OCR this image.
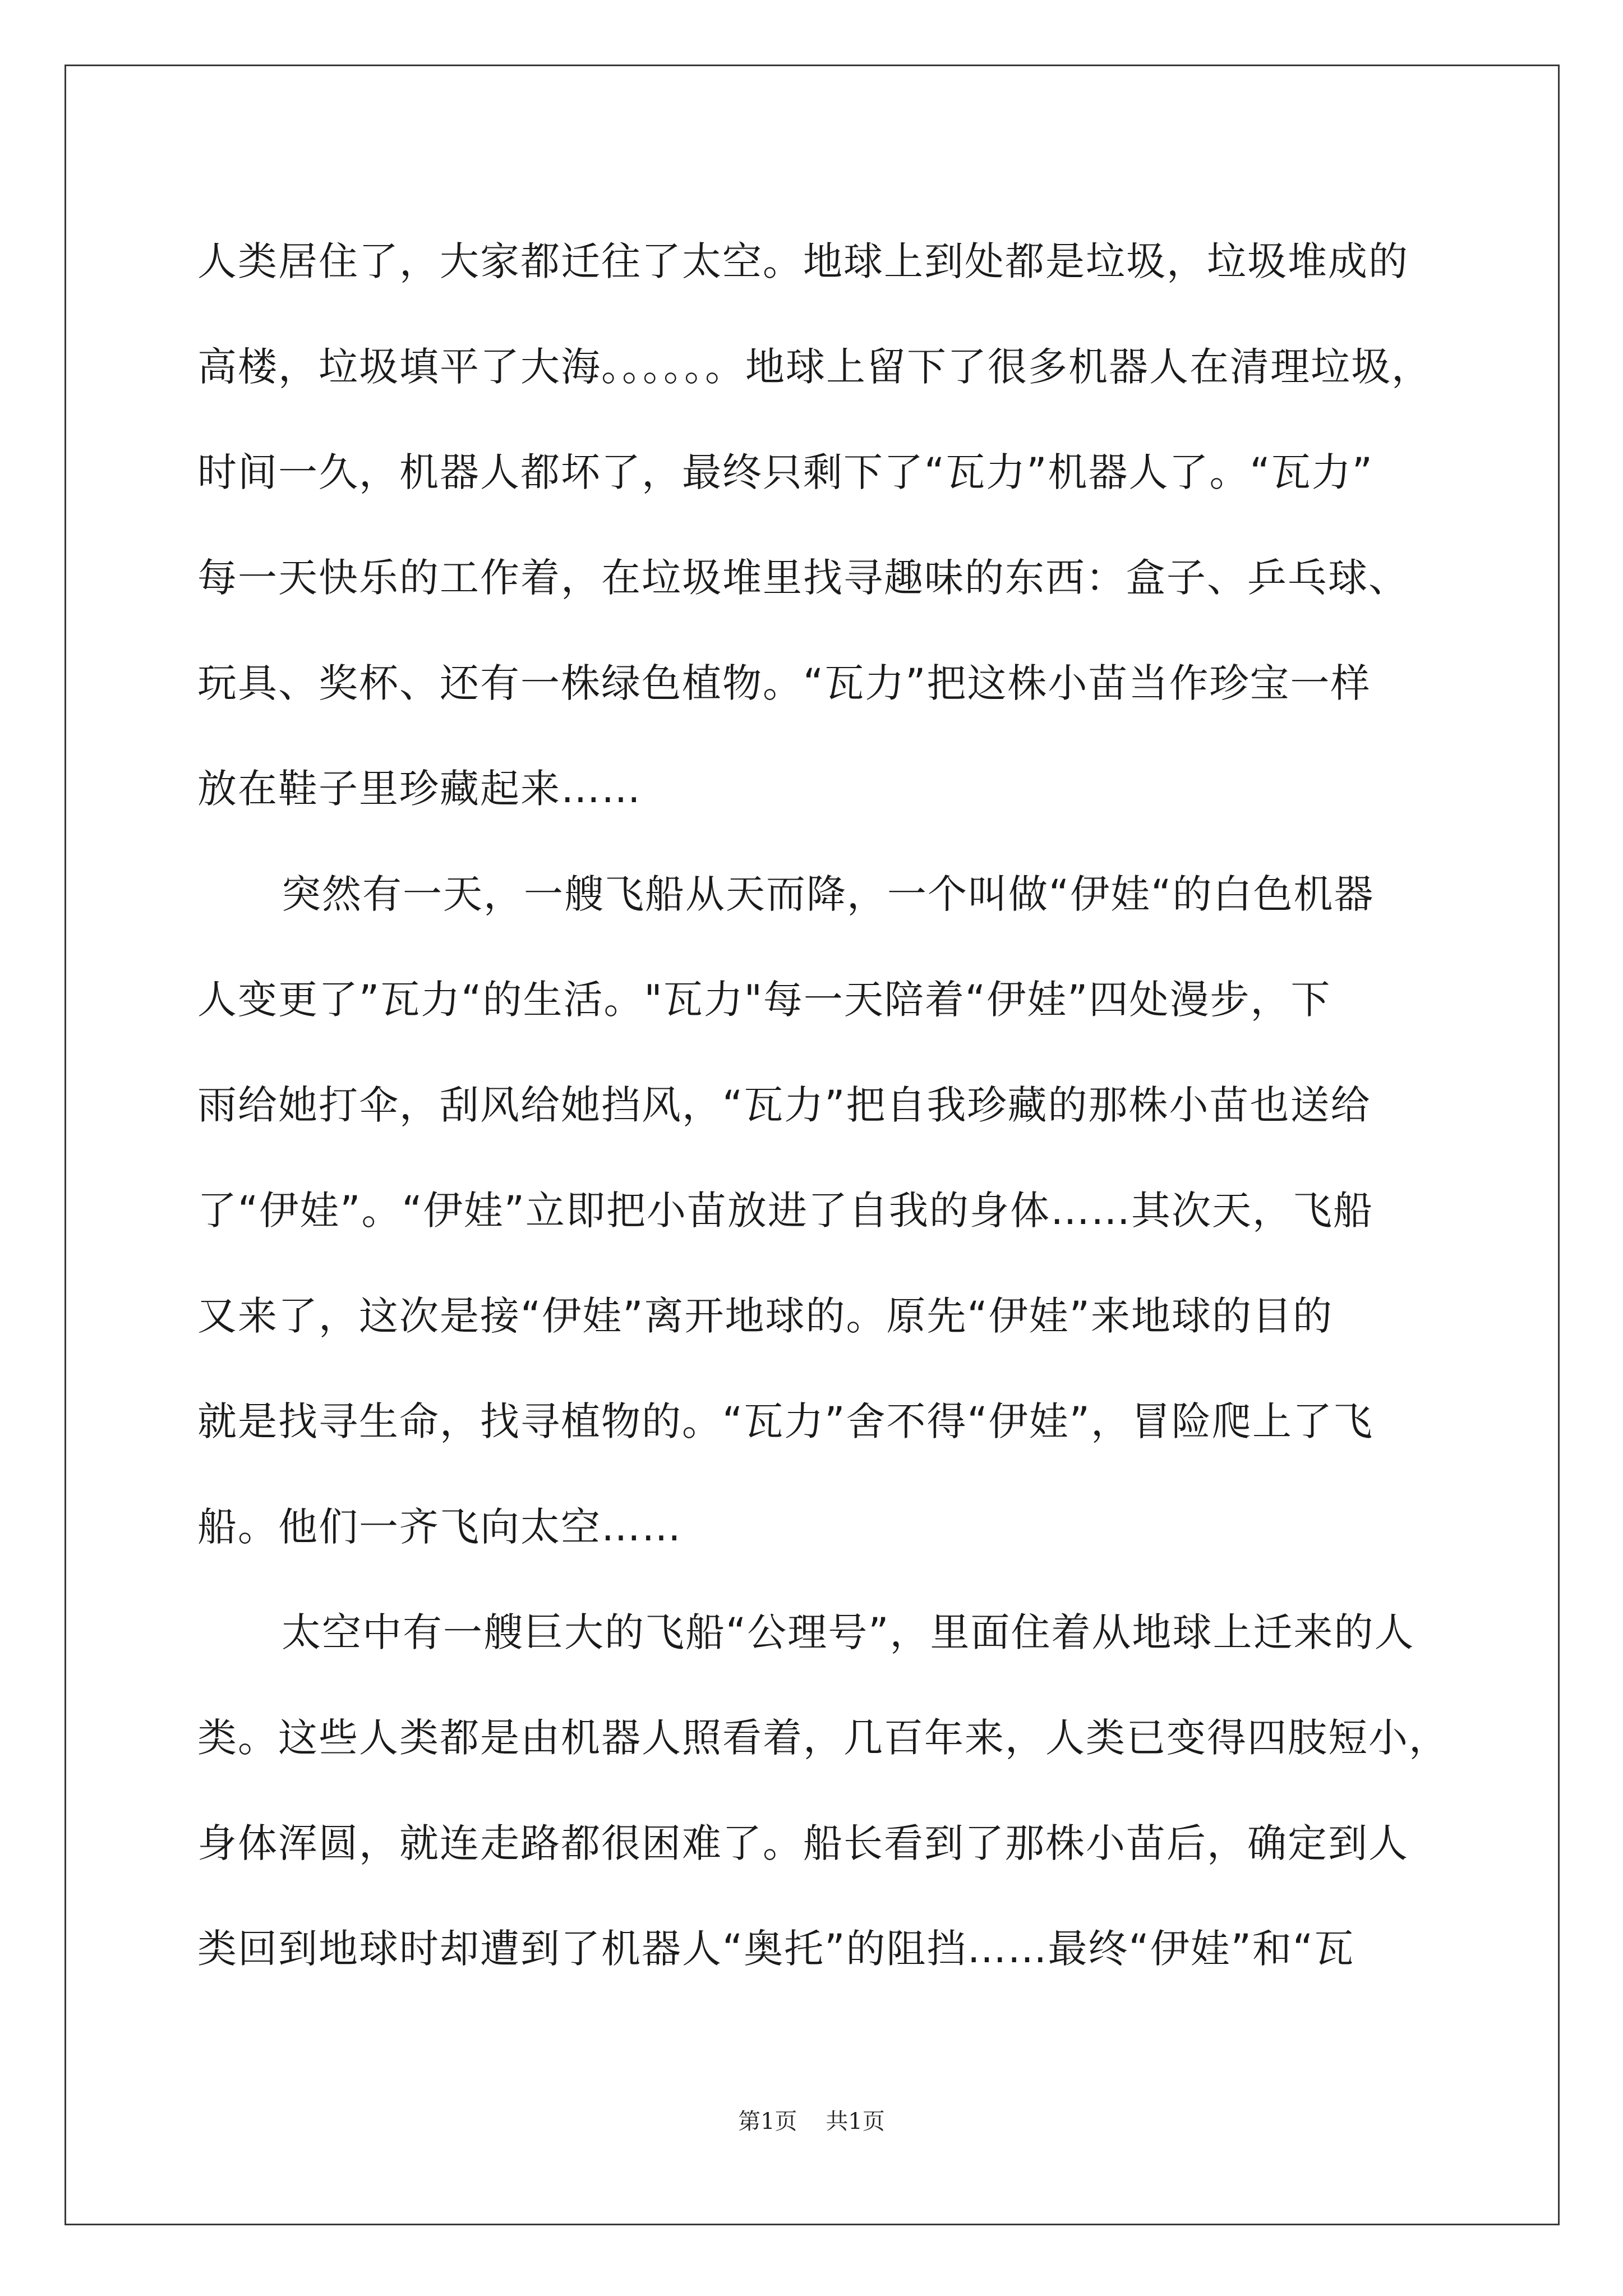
人类居住了，大家都迁往了太空。地球上到处都是垃圾，垃圾堆成的
高楼，垃圾填平了大海。。。。。。地球上留下了很多机器人在清理垃圾，
时间一久，机器人都坏了，最终只剩下了“瓦力”机器人了。“瓦力”
每一天快乐的工作着，在垃圾堆里找寻趣味的东西：盒子、乒乓球、
玩具、奖杯、还有一株绿色植物。“瓦力”把这株小苗当作珍宝一样
放在鞋子里珍藏起来……
突然有一天，一艘飞船从天而降，一个叫做“伊娃“的白色机器
人变更了”瓦力“的生活。"瓦力"每一天陪着“伊娃”四处漫步，下
雨给她打伞，刮风给她挡风，“瓦力”把自我珍藏的那株小苗也送给
了“伊娃”。“伊娃”立即把小苗放进了自我的身体……其次天，飞船
又来了，这次是接“伊娃”离开地球的。原先“伊娃”来地球的目的
就是找寻生命，找寻植物的。“瓦力”舍不得“伊娃”，冒险爬上了飞
船。他们一齐飞向太空……
太空中有一艘巨大的飞船“公理号”，里面住着从地球上迁来的人
类。这些人类都是由机器人照看着，几百年来，人类已变得四肢短小，
身体浑圆，就连走路都很困难了。船长看到了那株小苗后，确定到人
类回到地球时却遭到了机器人“奥托”的阻挡……最终“伊娃”和“瓦
第1页 共1页
